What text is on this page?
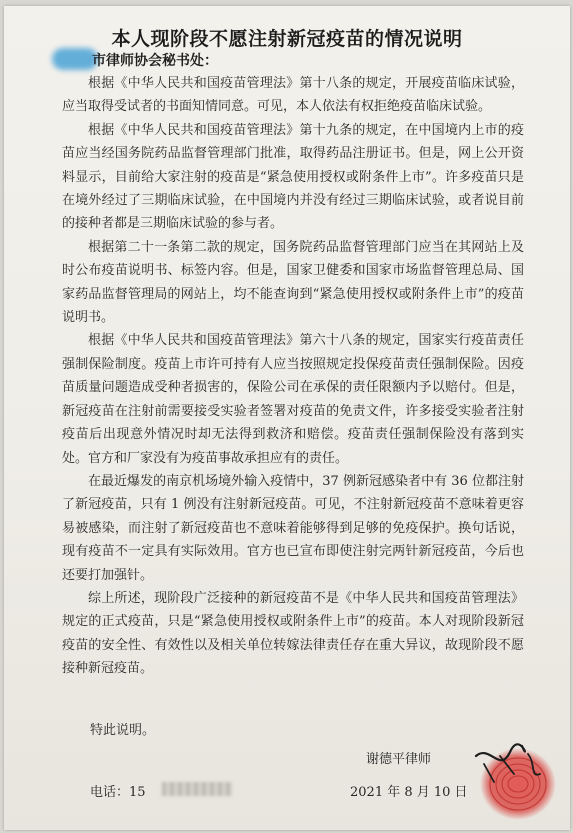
本人现阶段不愿注射新冠疫苗的情况说明
市律师协会秘书处：

根据《中华人民共和国疫苗管理法》第十八条的规定，开展疫苗临床试验，应当取得受试者的书面知情同意。可见，本人依法有权拒绝疫苗临床试验。

根据《中华人民共和国疫苗管理法》第十九条的规定，在中国境内上市的疫苗应当经国务院药品监督管理部门批准，取得药品注册证书。但是，网上公开资料显示，目前给大家注射的疫苗是“紧急使用授权或附条件上市”。许多疫苗只是在境外经过了三期临床试验，在中国境内并没有经过三期临床试验，或者说目前的接种者都是三期临床试验的参与者。

根据第二十一条第二款的规定，国务院药品监督管理部门应当在其网站上及时公布疫苗说明书、标签内容。但是，国家卫健委和国家市场监督管理总局、国家药品监督管理局的网站上，均不能查询到“紧急使用授权或附条件上市”的疫苗说明书。

根据《中华人民共和国疫苗管理法》第六十八条的规定，国家实行疫苗责任强制保险制度。疫苗上市许可持有人应当按照规定投保疫苗责任强制保险。因疫苗质量问题造成受种者损害的，保险公司在承保的责任限额内予以赔付。但是，新冠疫苗在注射前需要接受实验者签署对疫苗的免责文件，许多接受实验者注射疫苗后出现意外情况时却无法得到救济和赔偿。疫苗责任强制保险没有落到实处。官方和厂家没有为疫苗事故承担应有的责任。

在最近爆发的南京机场境外输入疫情中，37 例新冠感染者中有 36 位都注射了新冠疫苗，只有 1 例没有注射新冠疫苗。可见，不注射新冠疫苗不意味着更容易被感染，而注射了新冠疫苗也不意味着能够得到足够的免疫保护。换句话说，现有疫苗不一定具有实际效用。官方也已宣布即使注射完两针新冠疫苗，今后也还要打加强针。

综上所述，现阶段广泛接种的新冠疫苗不是《中华人民共和国疫苗管理法》规定的正式疫苗，只是“紧急使用授权或附条件上市”的疫苗。本人对现阶段新冠疫苗的安全性、有效性以及相关单位转嫁法律责任存在重大异议，故现阶段不愿接种新冠疫苗。

特此说明。
谢德平律师
电话：15	2021 年 8 月 10 日
